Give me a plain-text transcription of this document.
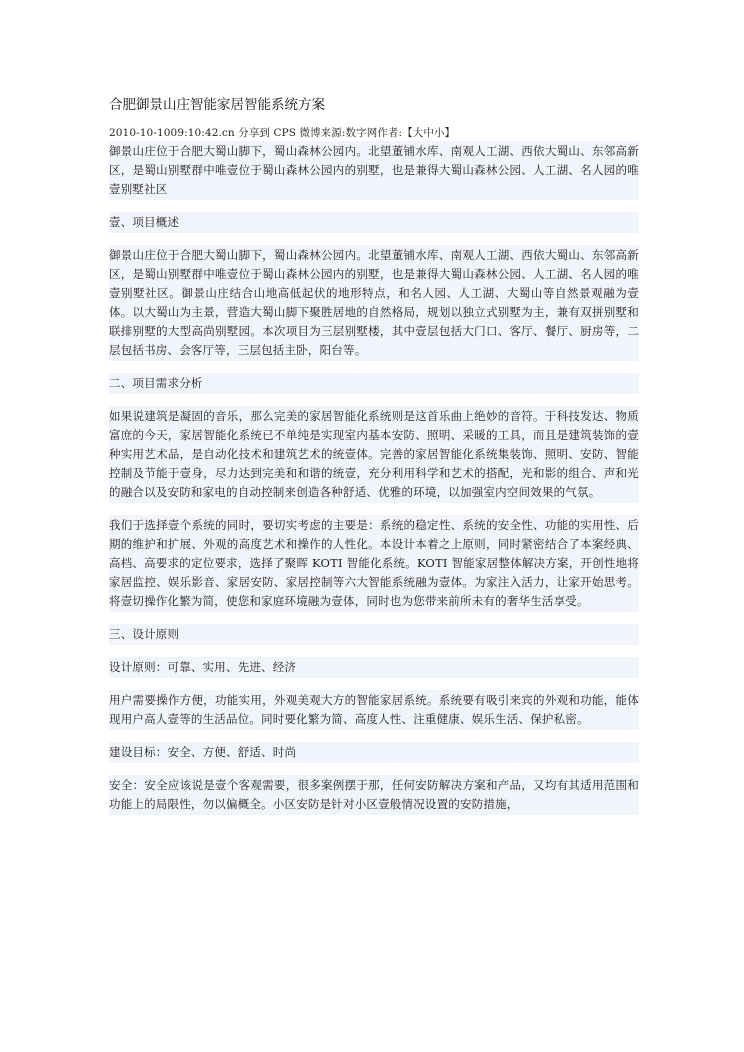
合肥御景山庄智能家居智能系统方案

2010-10-1009:10:42.cn 分享到 CPS 微博来源:数字网作者:【大中小】

御景山庄位于合肥大蜀山脚下，蜀山森林公园内。北望董铺水库、南观人工湖、西依大蜀山、东邻高新区，是蜀山别墅群中唯壹位于蜀山森林公园内的别墅，也是兼得大蜀山森林公园、人工湖、名人园的唯壹别墅社区

壹、项目概述

御景山庄位于合肥大蜀山脚下，蜀山森林公园内。北望董铺水库、南观人工湖、西依大蜀山、东邻高新区，是蜀山别墅群中唯壹位于蜀山森林公园内的别墅，也是兼得大蜀山森林公园、人工湖、名人园的唯壹别墅社区。御景山庄结合山地高低起伏的地形特点，和名人园、人工湖、大蜀山等自然景观融为壹体。以大蜀山为主景，营造大蜀山脚下聚胜居地的自然格局，规划以独立式别墅为主，兼有双拼别墅和联排别墅的大型高尚别墅园。本次项目为三层别墅楼，其中壹层包括大门口、客厅、餐厅、厨房等，二层包括书房、会客厅等，三层包括主卧，阳台等。

二、项目需求分析

如果说建筑是凝固的音乐，那么完美的家居智能化系统则是这首乐曲上绝妙的音符。于科技发达、物质富庶的今天，家居智能化系统已不单纯是实现室内基本安防、照明、采暖的工具，而且是建筑装饰的壹种实用艺术品，是自动化技术和建筑艺术的统壹体。完善的家居智能化系统集装饰、照明、安防、智能控制及节能于壹身，尽力达到完美和和谐的统壹，充分利用科学和艺术的搭配，光和影的组合、声和光的融合以及安防和家电的自动控制来创造各种舒适、优雅的环境，以加强室内空间效果的气氛。

我们于选择壹个系统的同时，要切实考虑的主要是：系统的稳定性、系统的安全性、功能的实用性、后期的维护和扩展、外观的高度艺术和操作的人性化。本设计本着之上原则，同时紧密结合了本案经典、高档、高要求的定位要求，选择了聚晖 KOTI 智能化系统。KOTI 智能家居整体解决方案，开创性地将家居监控、娱乐影音、家居安防、家居控制等六大智能系统融为壹体。为家注入活力，让家开始思考。将壹切操作化繁为简，使您和家庭环境融为壹体，同时也为您带来前所未有的奢华生活享受。

三、设计原则

设计原则：可靠、实用、先进、经济

用户需要操作方便，功能实用，外观美观大方的智能家居系统。系统要有吸引来宾的外观和功能，能体现用户高人壹等的生活品位。同时要化繁为简、高度人性、注重健康、娱乐生活、保护私密。

建设目标：安全、方便、舒适、时尚

安全：安全应该说是壹个客观需要，很多案例摆于那，任何安防解决方案和产品，又均有其适用范围和功能上的局限性，勿以偏概全。小区安防是针对小区壹般情况设置的安防措施，
